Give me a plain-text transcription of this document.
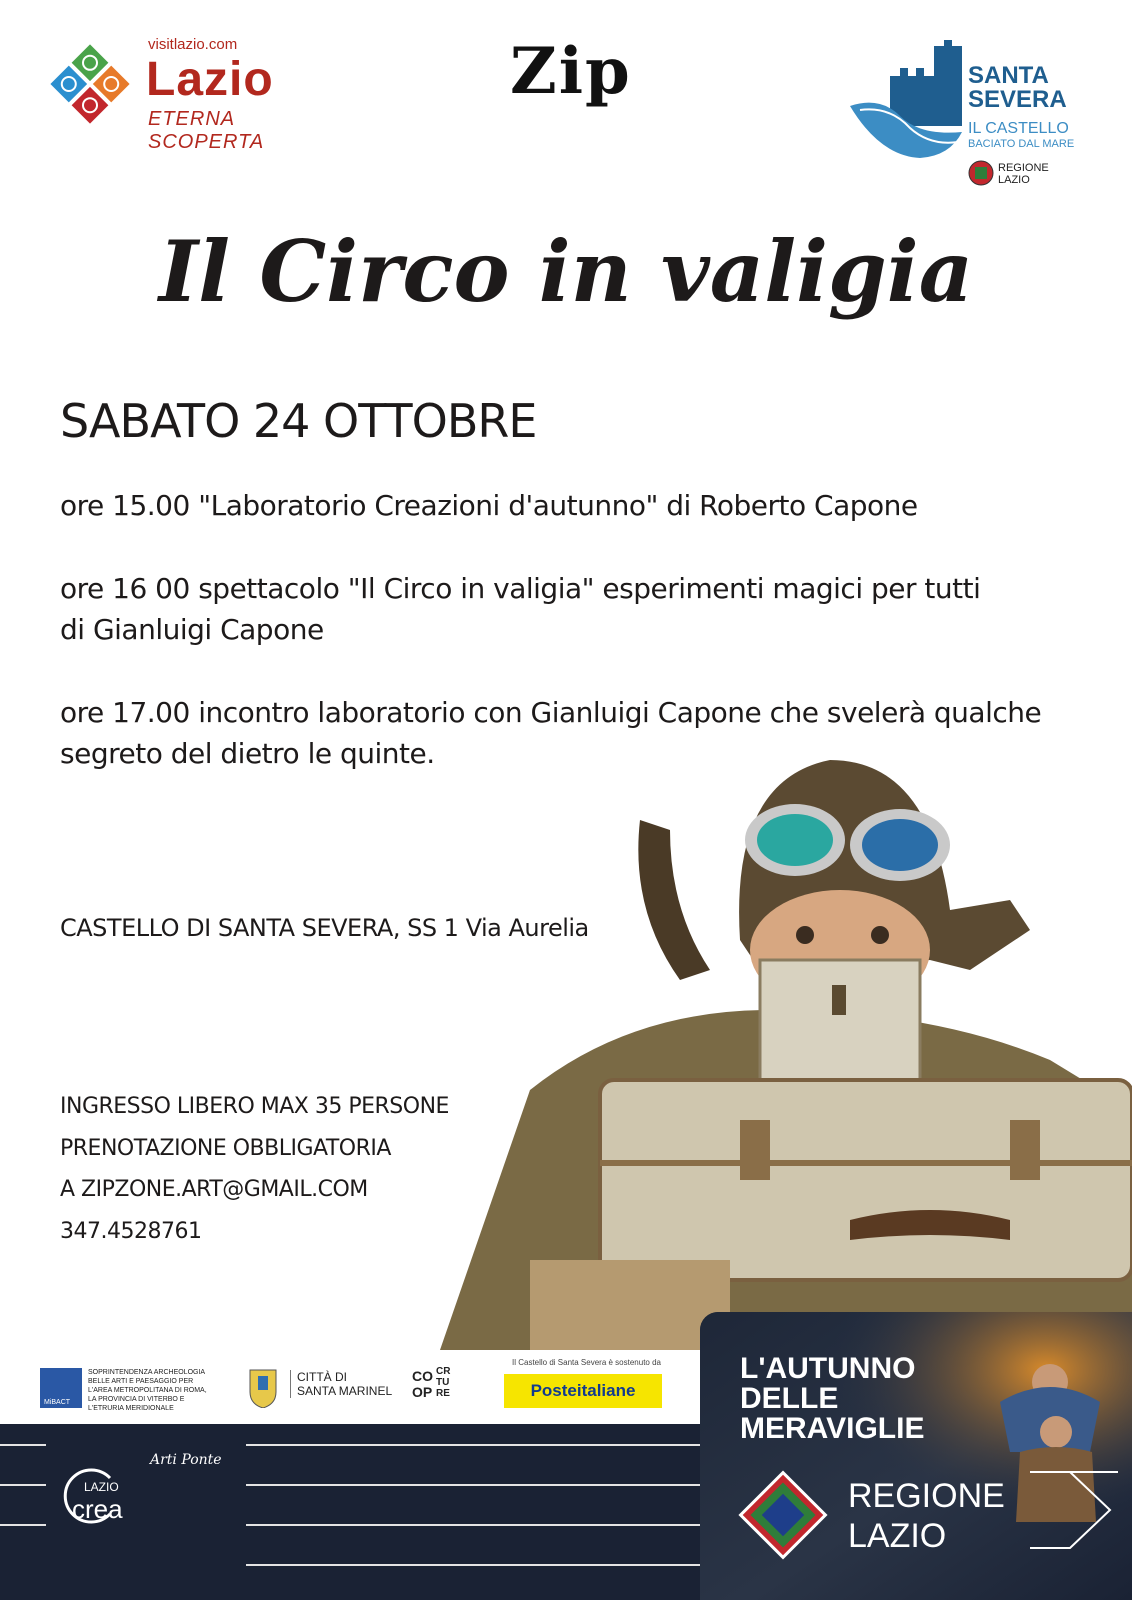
visitlazio.com
Lazio
ETERNA SCOPERTA
Zip	SANTA
SEVERA
IL CASTELLO
BACIATO DAL MARE
REGIONE
LAZIO
Il Circo in valigia
SABATO 24 OTTOBRE
ore 15.00 "Laboratorio Creazioni d'autunno" di Roberto Capone
ore 16 00 spettacolo "Il Circo in valigia" esperimenti magici per tutti
di Gianluigi Capone
ore 17.00 incontro laboratorio con Gianluigi Capone che svelerà qualche
segreto del dietro le quinte.
CASTELLO DI SANTA SEVERA, SS 1 Via Aurelia
INGRESSO LIBERO MAX 35 PERSONE
PRENOTAZIONE OBBLIGATORIA
A ZIPZONE.ART@GMAIL.COM
347.4528761
MiBACT
SOPRINTENDENZA ARCHEOLOGIA BELLE ARTI E PAESAGGIO PER L'AREA METROPOLITANA DI ROMA, LA PROVINCIA DI VITERBO E L'ETRURIA MERIDIONALE
CITTÀ DI
SANTA MARINEL
CO
OP
CR
TU
RE
Il Castello di Santa Severa è sostenuto da
Posteitaliane
LAZIO
crea
Arti Ponte
L'AUTUNNO
DELLE
MERAVIGLIE
REGIONE
LAZIO
